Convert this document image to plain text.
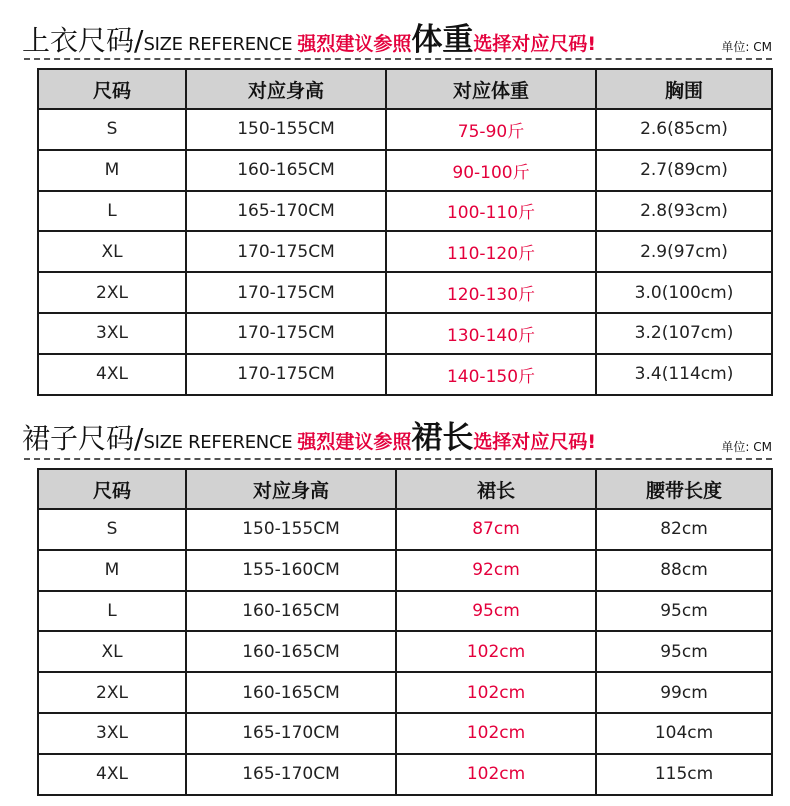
上衣尺码/SIZE REFERENCE 强烈建议参照体重选择对应尺码!	单位: CM
尺码	对应身高	对应体重	胸围
S	150-155CM	75-90斤	2.6(85cm)
M	160-165CM	90-100斤	2.7(89cm)
L	165-170CM	100-110斤	2.8(93cm)
XL	170-175CM	110-120斤	2.9(97cm)
2XL	170-175CM	120-130斤	3.0(100cm)
3XL	170-175CM	130-140斤	3.2(107cm)
4XL	170-175CM	140-150斤	3.4(114cm)
裙子尺码/SIZE REFERENCE 强烈建议参照裙长选择对应尺码!	单位: CM
尺码	对应身高	裙长	腰带长度
S	150-155CM	87cm	82cm
M	155-160CM	92cm	88cm
L	160-165CM	95cm	95cm
XL	160-165CM	102cm	95cm
2XL	160-165CM	102cm	99cm
3XL	165-170CM	102cm	104cm
4XL	165-170CM	102cm	115cm
